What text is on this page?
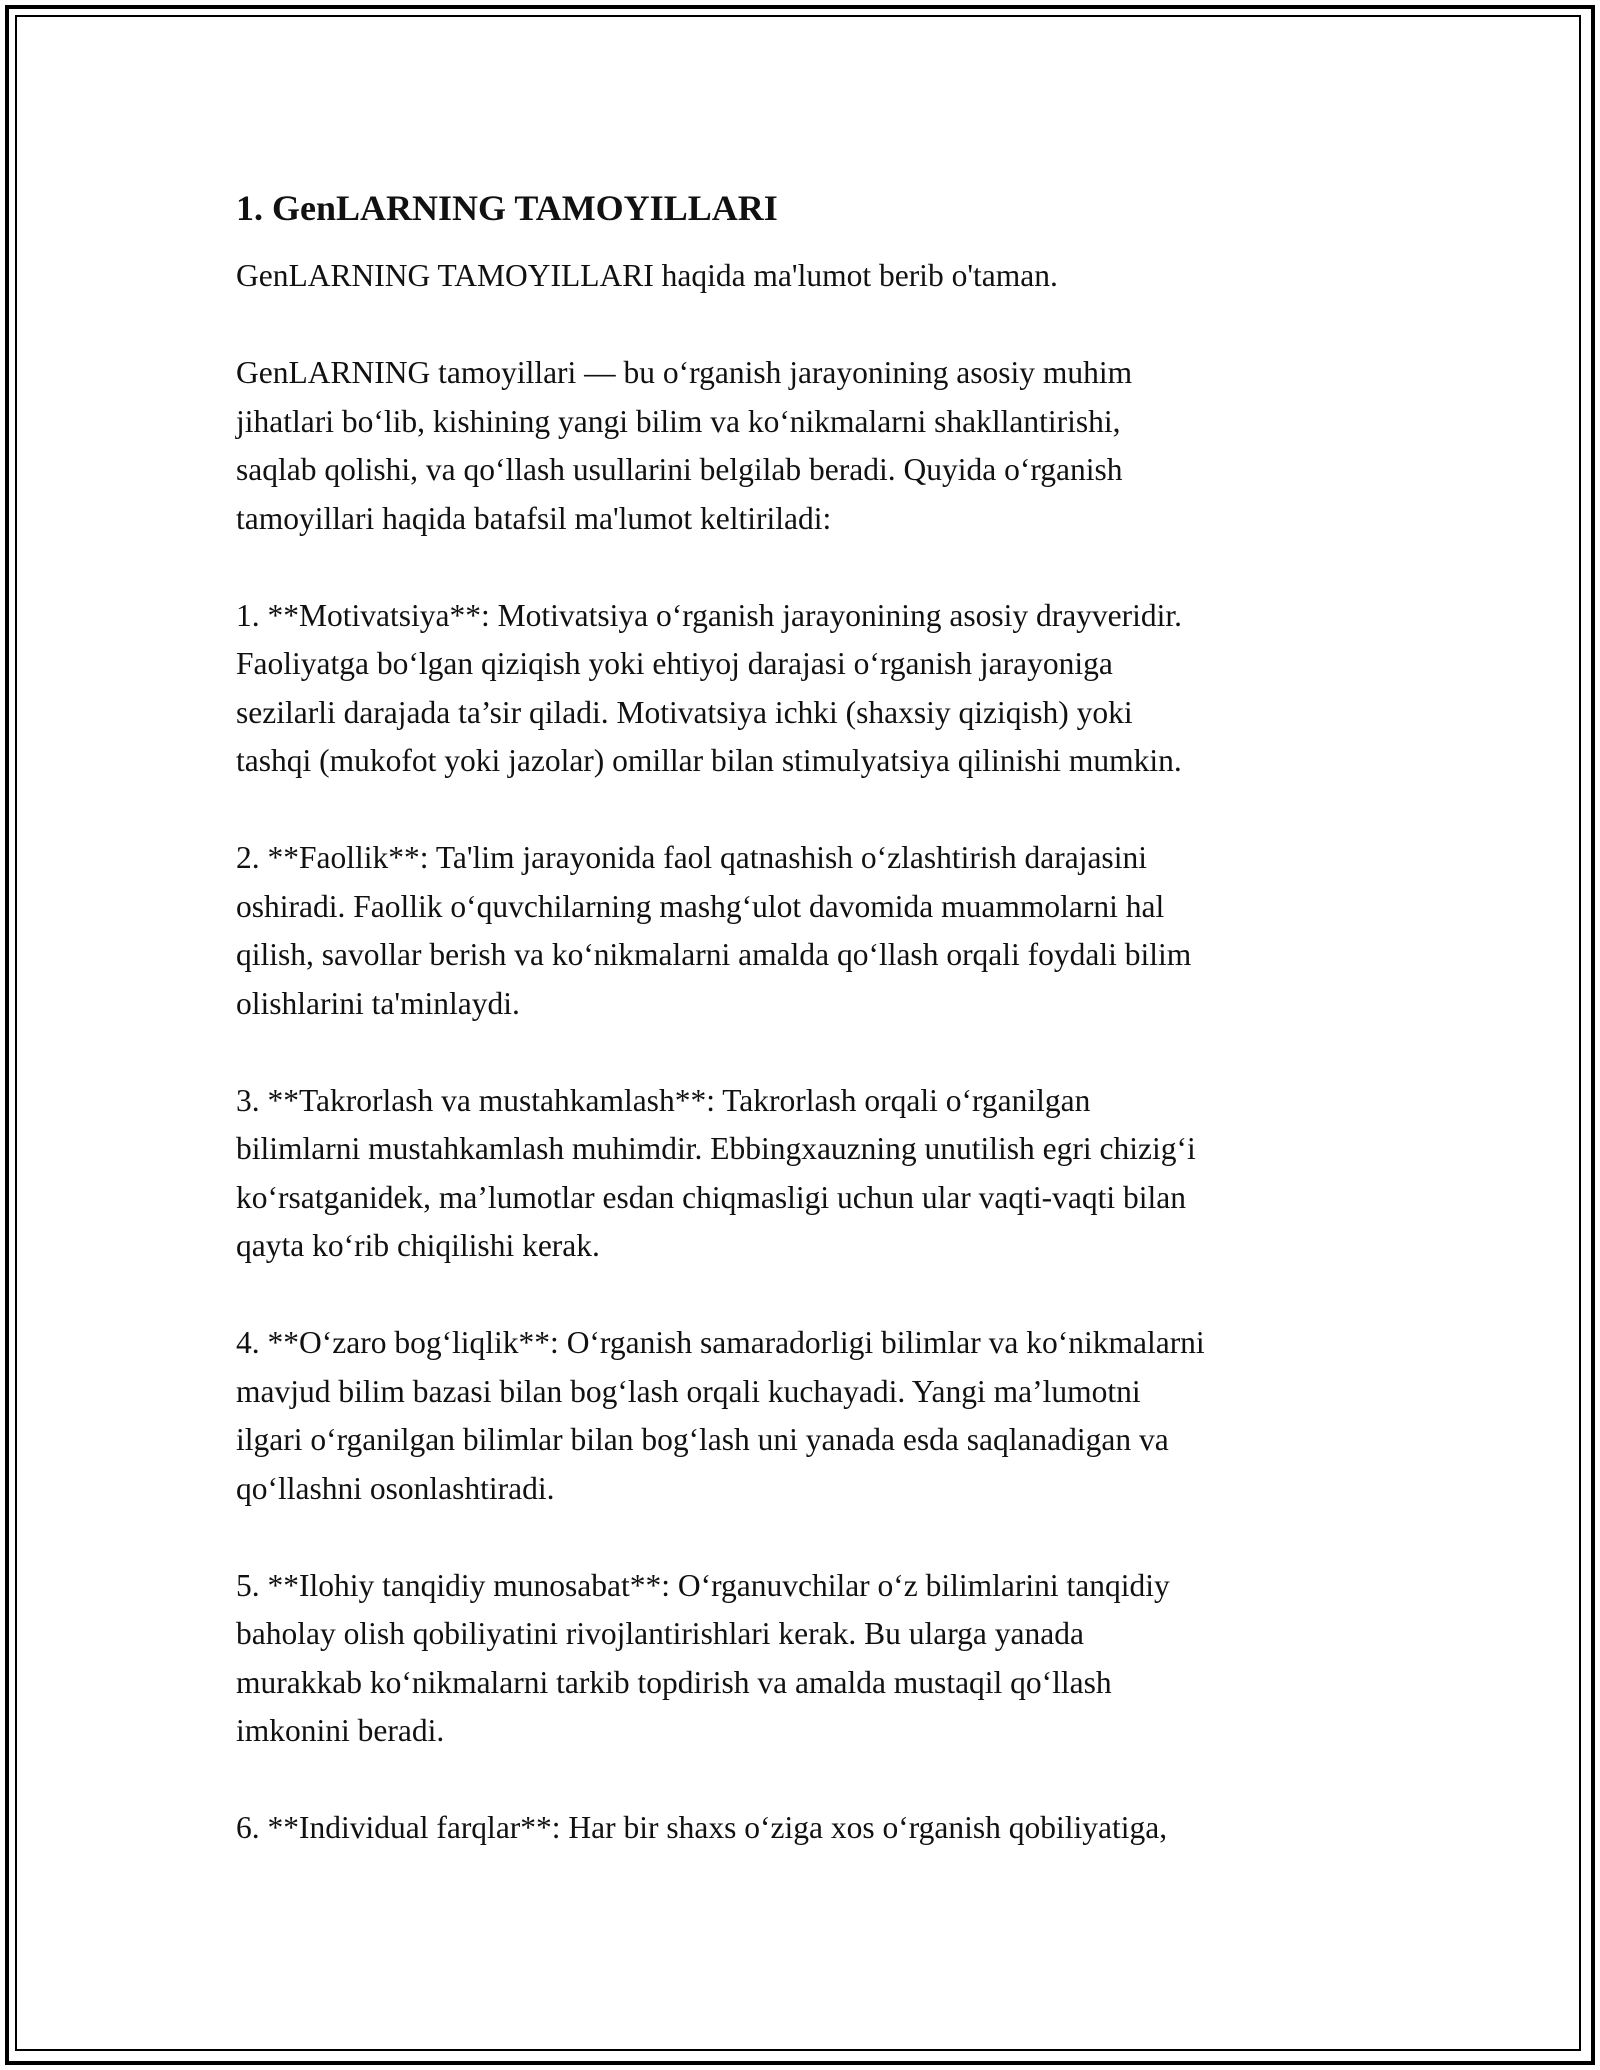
1. GenLARNING TAMOYILLARI
GenLARNING TAMOYILLARI haqida ma'lumot berib o'taman.
GenLARNING tamoyillari — bu o‘rganish jarayonining asosiy muhim
jihatlari bo‘lib, kishining yangi bilim va ko‘nikmalarni shakllantirishi,
saqlab qolishi, va qo‘llash usullarini belgilab beradi. Quyida o‘rganish
tamoyillari haqida batafsil ma'lumot keltiriladi:
1. **Motivatsiya**: Motivatsiya o‘rganish jarayonining asosiy drayveridir.
Faoliyatga bo‘lgan qiziqish yoki ehtiyoj darajasi o‘rganish jarayoniga
sezilarli darajada ta’sir qiladi. Motivatsiya ichki (shaxsiy qiziqish) yoki
tashqi (mukofot yoki jazolar) omillar bilan stimulyatsiya qilinishi mumkin.
2. **Faollik**: Ta'lim jarayonida faol qatnashish o‘zlashtirish darajasini
oshiradi. Faollik o‘quvchilarning mashg‘ulot davomida muammolarni hal
qilish, savollar berish va ko‘nikmalarni amalda qo‘llash orqali foydali bilim
olishlarini ta'minlaydi.
3. **Takrorlash va mustahkamlash**: Takrorlash orqali o‘rganilgan
bilimlarni mustahkamlash muhimdir. Ebbingxauzning unutilish egri chizig‘i
ko‘rsatganidek, ma’lumotlar esdan chiqmasligi uchun ular vaqti-vaqti bilan
qayta ko‘rib chiqilishi kerak.
4. **O‘zaro bog‘liqlik**: O‘rganish samaradorligi bilimlar va ko‘nikmalarni
mavjud bilim bazasi bilan bog‘lash orqali kuchayadi. Yangi ma’lumotni
ilgari o‘rganilgan bilimlar bilan bog‘lash uni yanada esda saqlanadigan va
qo‘llashni osonlashtiradi.
5. **Ilohiy tanqidiy munosabat**: O‘rganuvchilar o‘z bilimlarini tanqidiy
baholay olish qobiliyatini rivojlantirishlari kerak. Bu ularga yanada
murakkab ko‘nikmalarni tarkib topdirish va amalda mustaqil qo‘llash
imkonini beradi.
6. **Individual farqlar**: Har bir shaxs o‘ziga xos o‘rganish qobiliyatiga,
